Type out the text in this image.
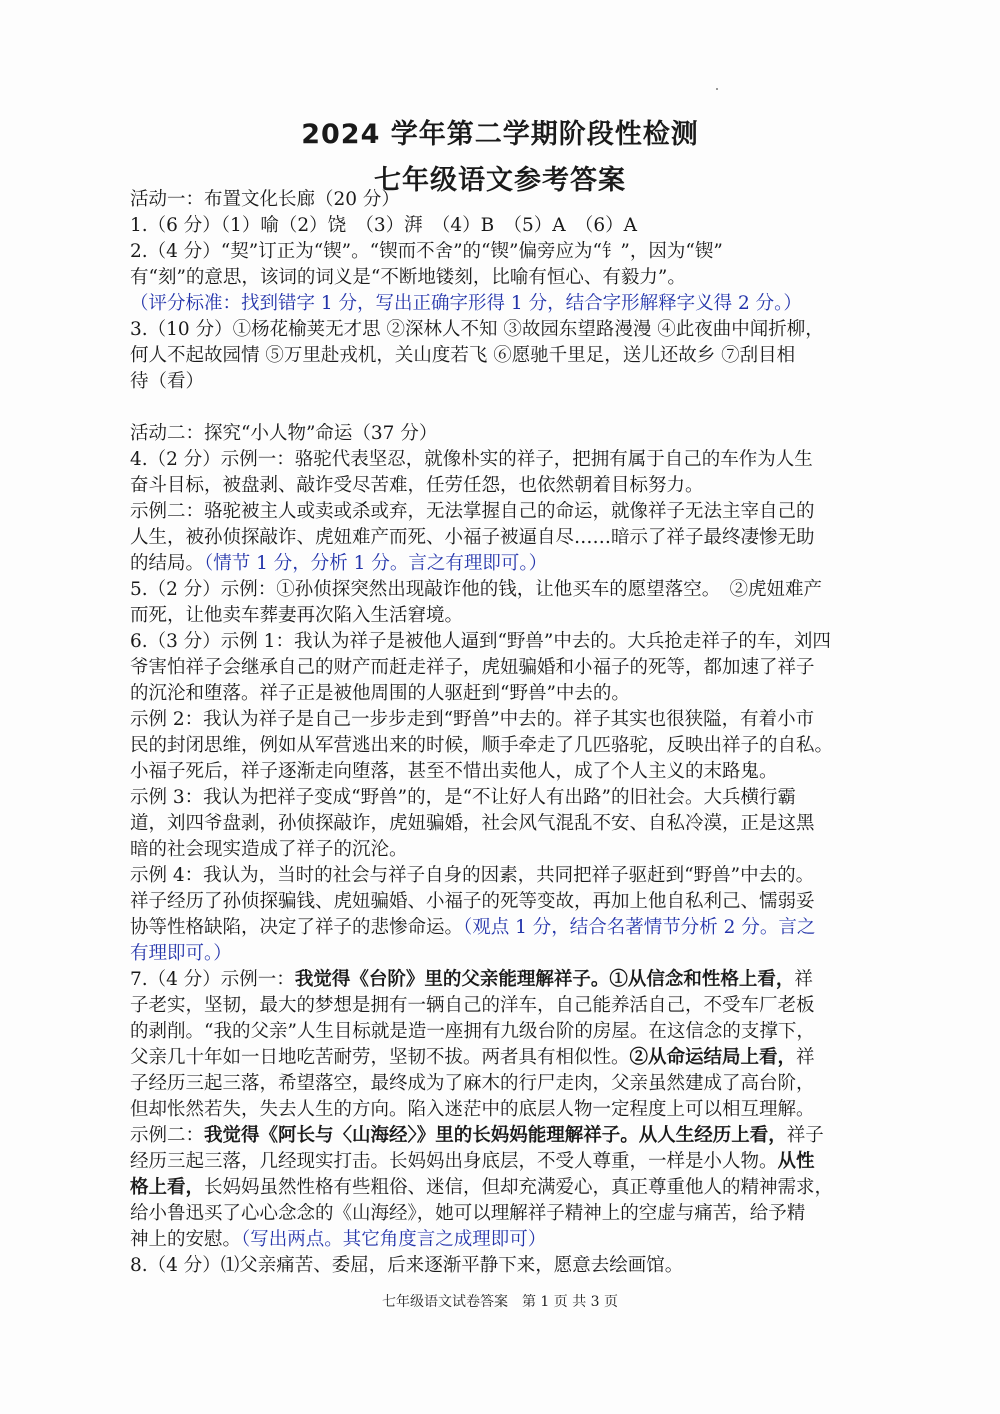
2024 学年第二学期阶段性检测
七年级语文参考答案
活动一：布置文化长廊（20 分）
1.（6 分）（1）喻（2）饶　（3）湃　（4）B　（5）A　（6）A
2.（4 分）“契”订正为“锲”。“锲而不舍”的“锲”偏旁应为“钅”，因为“锲”
有“刻”的意思，该词的词义是“不断地镂刻，比喻有恒心、有毅力”。
（评分标准：找到错字 1 分，写出正确字形得 1 分，结合字形解释字义得 2 分。）
3.（10 分）①杨花榆荚无才思 ②深林人不知 ③故园东望路漫漫 ④此夜曲中闻折柳，
何人不起故园情 ⑤万里赴戎机，关山度若飞 ⑥愿驰千里足，送儿还故乡 ⑦刮目相
待（看）
活动二：探究“小人物”命运（37 分）
4.（2 分）示例一：骆驼代表坚忍，就像朴实的祥子，把拥有属于自己的车作为人生
奋斗目标，被盘剥、敲诈受尽苦难，任劳任怨，也依然朝着目标努力。
示例二：骆驼被主人或卖或杀或弃，无法掌握自己的命运，就像祥子无法主宰自己的
人生，被孙侦探敲诈、虎妞难产而死、小福子被逼自尽……暗示了祥子最终凄惨无助
的结局。（情节 1 分，分析 1 分。言之有理即可。）
5.（2 分）示例：①孙侦探突然出现敲诈他的钱，让他买车的愿望落空。　②虎妞难产
而死，让他卖车葬妻再次陷入生活窘境。
6.（3 分）示例 1：我认为祥子是被他人逼到“野兽”中去的。大兵抢走祥子的车，刘四
爷害怕祥子会继承自己的财产而赶走祥子，虎妞骗婚和小福子的死等，都加速了祥子
的沉沦和堕落。祥子正是被他周围的人驱赶到“野兽”中去的。
示例 2：我认为祥子是自己一步步走到“野兽”中去的。祥子其实也很狭隘，有着小市
民的封闭思维，例如从军营逃出来的时候，顺手牵走了几匹骆驼，反映出祥子的自私。
小福子死后，祥子逐渐走向堕落，甚至不惜出卖他人，成了个人主义的末路鬼。
示例 3：我认为把祥子变成“野兽”的，是“不让好人有出路”的旧社会。大兵横行霸
道，刘四爷盘剥，孙侦探敲诈，虎妞骗婚，社会风气混乱不安、自私冷漠，正是这黑
暗的社会现实造成了祥子的沉沦。
示例 4：我认为，当时的社会与祥子自身的因素，共同把祥子驱赶到“野兽”中去的。
祥子经历了孙侦探骗钱、虎妞骗婚、小福子的死等变故，再加上他自私利己、懦弱妥
协等性格缺陷，决定了祥子的悲惨命运。（观点 1 分，结合名著情节分析 2 分。言之
有理即可。）
7.（4 分）示例一：我觉得《台阶》里的父亲能理解祥子。①从信念和性格上看，祥
子老实，坚韧，最大的梦想是拥有一辆自己的洋车，自己能养活自己，不受车厂老板
的剥削。“我的父亲”人生目标就是造一座拥有九级台阶的房屋。在这信念的支撑下，
父亲几十年如一日地吃苦耐劳，坚韧不拔。两者具有相似性。②从命运结局上看，祥
子经历三起三落，希望落空，最终成为了麻木的行尸走肉，父亲虽然建成了高台阶，
但却怅然若失，失去人生的方向。陷入迷茫中的底层人物一定程度上可以相互理解。
示例二：我觉得《阿长与〈山海经〉》里的长妈妈能理解祥子。从人生经历上看，祥子
经历三起三落，几经现实打击。长妈妈出身底层，不受人尊重，一样是小人物。从性
格上看，长妈妈虽然性格有些粗俗、迷信，但却充满爱心，真正尊重他人的精神需求，
给小鲁迅买了心心念念的《山海经》，她可以理解祥子精神上的空虚与痛苦，给予精
神上的安慰。（写出两点。其它角度言之成理即可）
8.（4 分）⑴父亲痛苦、委屈，后来逐渐平静下来，愿意去绘画馆。
七年级语文试卷答案　第 1 页 共 3 页
